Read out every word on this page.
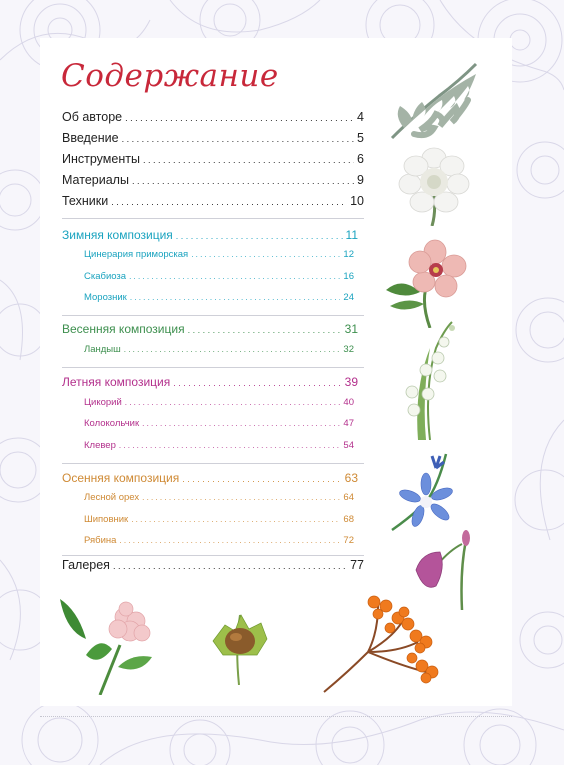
Содержание
Об авторе . . .	4
Введение . . .	5
Инструменты . . .	6
Материалы . . .	9
Техники . . .	10
Зимняя композиция . . .	11
Цинерария приморская . . .	12
Скабиоза . . .	16
Морозник . . .	24
Весенняя композиция . . .	31
Ландыш . . .	32
Летняя композиция . . .	39
Цикорий . . .	40
Колокольчик . . .	47
Клевер . . .	54
Осенняя композиция . . .	63
Лесной орех . . .	64
Шиповник . . .	68
Рябина . . .	72
Галерея . . .	77
